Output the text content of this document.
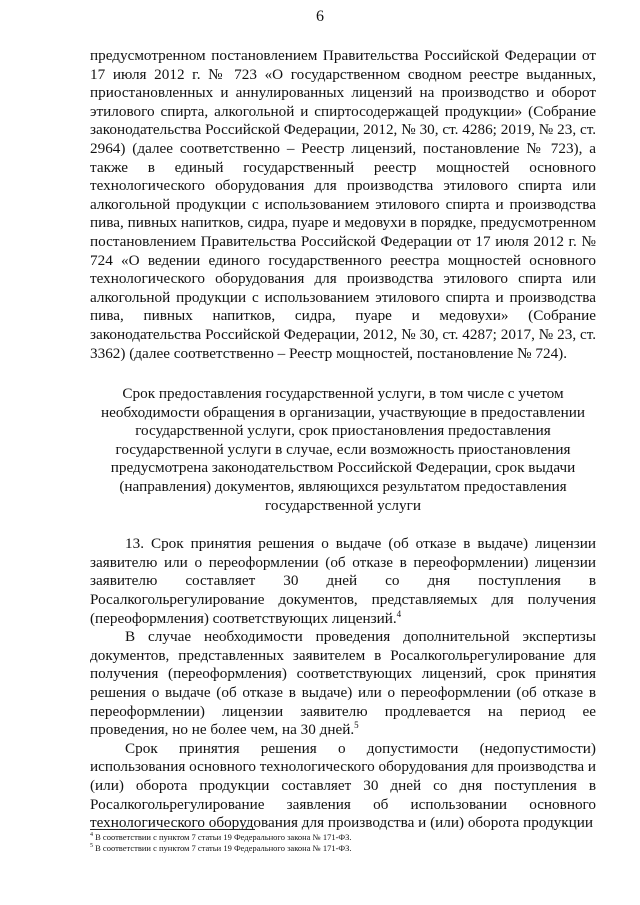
6

предусмотренном постановлением Правительства Российской Федерации от 17 июля 2012 г. № 723 «О государственном сводном реестре выданных, приостановленных и аннулированных лицензий на производство и оборот этилового спирта, алкогольной и спиртосодержащей продукции» (Собрание законодательства Российской Федерации, 2012, № 30, ст. 4286; 2019, № 23, ст. 2964) (далее соответственно – Реестр лицензий, постановление № 723), а также в единый государственный реестр мощностей основного технологического оборудования для производства этилового спирта или алкогольной продукции с использованием этилового спирта и производства пива, пивных напитков, сидра, пуаре и медовухи в порядке, предусмотренном постановлением Правительства Российской Федерации от 17 июля 2012 г. № 724 «О ведении единого государственного реестра мощностей основного технологического оборудования для производства этилового спирта или алкогольной продукции с использованием этилового спирта и производства пива, пивных напитков, сидра, пуаре и медовухи» (Собрание законодательства Российской Федерации, 2012, № 30, ст. 4287; 2017, № 23, ст. 3362) (далее соответственно – Реестр мощностей, постановление № 724).

Срок предоставления государственной услуги, в том числе с учетом необходимости обращения в организации, участвующие в предоставлении государственной услуги, срок приостановления предоставления государственной услуги в случае, если возможность приостановления предусмотрена законодательством Российской Федерации, срок выдачи (направления) документов, являющихся результатом предоставления государственной услуги

13. Срок принятия решения о выдаче (об отказе в выдаче) лицензии заявителю или о переоформлении (об отказе в переоформлении) лицензии заявителю составляет 30 дней со дня поступления в Росалкогольрегулирование документов, представляемых для получения (переоформления) соответствующих лицензий.$^4$

В случае необходимости проведения дополнительной экспертизы документов, представленных заявителем в Росалкогольрегулирование для получения (переоформления) соответствующих лицензий, срок принятия решения о выдаче (об отказе в выдаче) или о переоформлении (об отказе в переоформлении) лицензии заявителю продлевается на период ее проведения, но не более чем, на 30 дней.$^5$

Срок принятия решения о допустимости (недопустимости) использования основного технологического оборудования для производства и (или) оборота продукции составляет 30 дней со дня поступления в Росалкогольрегулирование заявления об использовании основного технологического оборудования для производства и (или) оборота продукции

$^4$ В соответствии с пунктом 7 статьи 19 Федерального закона № 171-ФЗ.
$^5$ В соответствии с пунктом 7 статьи 19 Федерального закона № 171-ФЗ.
